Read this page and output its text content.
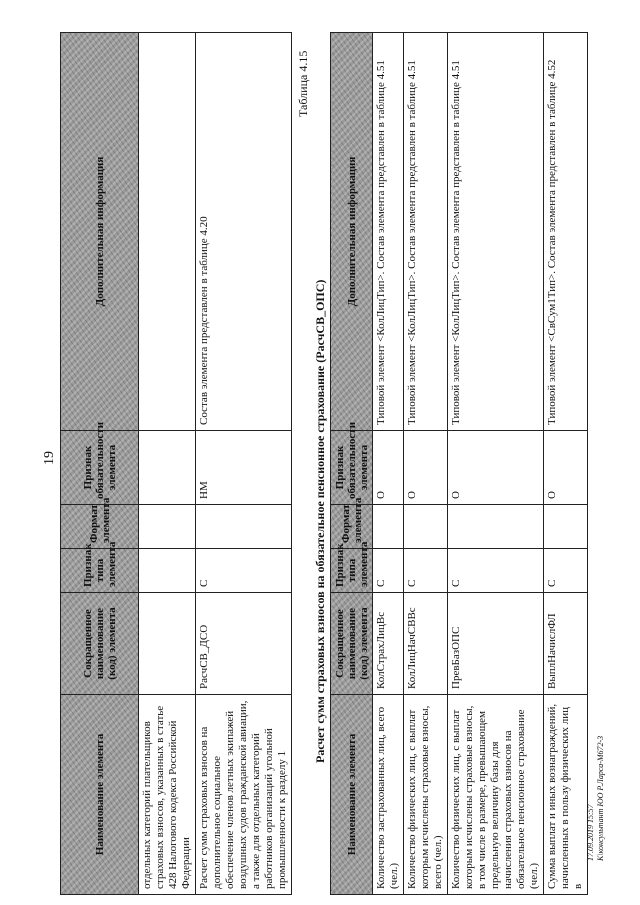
19
Наименование элемента	Сокращенное наименование (код) элемента	Признак типа элемента	Формат элемента	Признак обязательности элемента	Дополнительная информация
отдельных категорий плательщиков страховых взносов, указанных в статье 428 Налогового кодекса Российской Федерации					
Расчет сумм страховых взносов на дополнительное социальное обеспечение членов летных экипажей воздушных судов гражданской авиации, а также для отдельных категорий работников организаций угольной промышленности к разделу 1	РасчСВ_ДСО	С		НМ	Состав элемента представлен в таблице 4.20
Таблица 4.15
Расчет сумм страховых взносов на обязательное пенсионное страхование (РасчСВ_ОПС)
Наименование элемента	Сокращенное наименование (код) элемента	Признак типа элемента	Формат элемента	Признак обязательности элемента	Дополнительная информация
Количество застрахованных лиц, всего (чел.)	КолСтрахЛицВс	С		О	Типовой элемент <КолЛицТип>. Состав элемента представлен в таблице 4.51
Количество физических лиц, с выплат которым исчислены страховые взносы, всего (чел.)	КолЛицНачСВВс	С		О	Типовой элемент <КолЛицТип>. Состав элемента представлен в таблице 4.51
Количество физических лиц, с выплат которым исчислены страховые взносы, в том числе в размере, превышающем предельную величину базы для начисления страховых взносов на обязательное пенсионное страхование (чел.)	ПревБазОПС	С		О	Типовой элемент <КолЛицТип>. Состав элемента представлен в таблице 4.51
Сумма выплат и иных вознаграждений, начисленных в пользу физических лиц в	ВыплНачислФЛ	С		О	Типовой элемент <СвСум1Тип>. Состав элемента представлен в таблице 4.52
17.09.2019 15:57 К\консультант ЮО Р.Ларса-М672-3
